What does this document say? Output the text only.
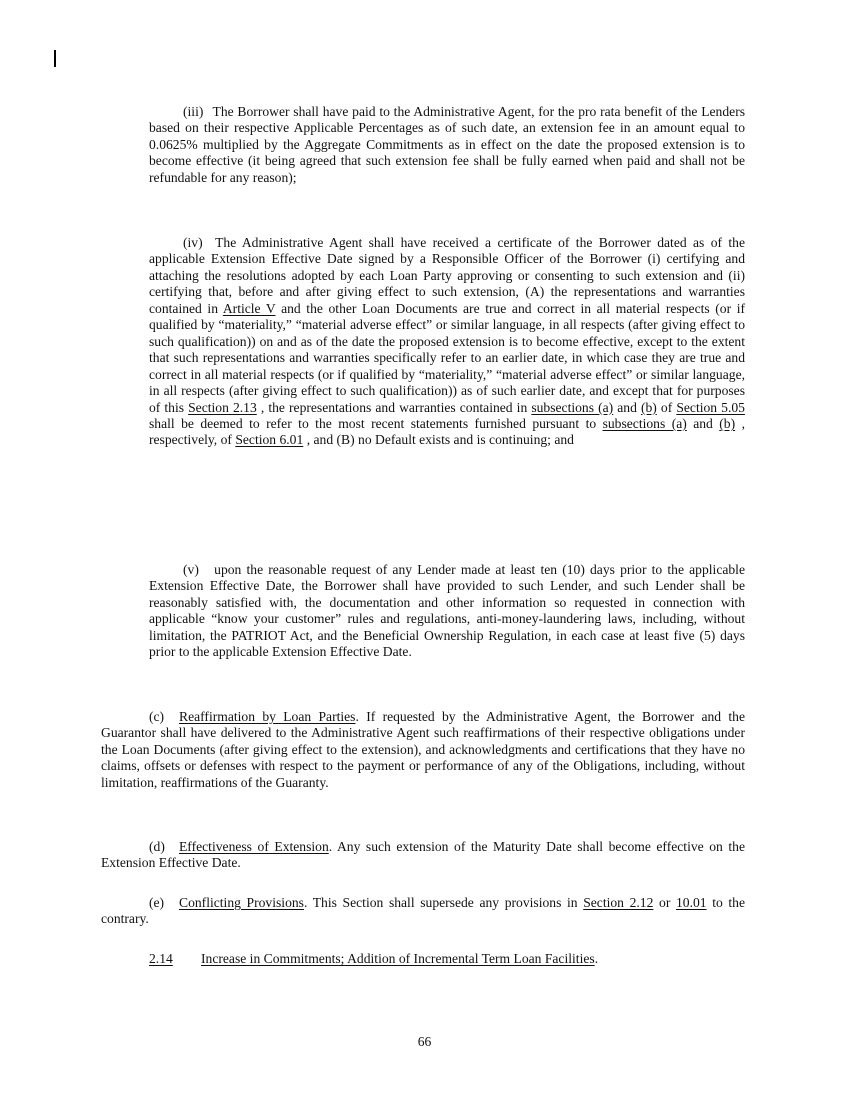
(iii) The Borrower shall have paid to the Administrative Agent, for the pro rata benefit of the Lenders based on their respective Applicable Percentages as of such date, an extension fee in an amount equal to 0.0625% multiplied by the Aggregate Commitments as in effect on the date the proposed extension is to become effective (it being agreed that such extension fee shall be fully earned when paid and shall not be refundable for any reason);

(iv) The Administrative Agent shall have received a certificate of the Borrower dated as of the applicable Extension Effective Date signed by a Responsible Officer of the Borrower (i) certifying and attaching the resolutions adopted by each Loan Party approving or consenting to such extension and (ii) certifying that, before and after giving effect to such extension, (A) the representations and warranties contained in Article V and the other Loan Documents are true and correct in all material respects (or if qualified by “materiality,” “material adverse effect” or similar language, in all respects (after giving effect to such qualification)) on and as of the date the proposed extension is to become effective, except to the extent that such representations and warranties specifically refer to an earlier date, in which case they are true and correct in all material respects (or if qualified by “materiality,” “material adverse effect” or similar language, in all respects (after giving effect to such qualification)) as of such earlier date, and except that for purposes of this Section 2.13 , the representations and warranties contained in subsections (a) and (b) of Section 5.05 shall be deemed to refer to the most recent statements furnished pursuant to subsections (a) and (b) , respectively, of Section 6.01 , and (B) no Default exists and is continuing; and

(v) upon the reasonable request of any Lender made at least ten (10) days prior to the applicable Extension Effective Date, the Borrower shall have provided to such Lender, and such Lender shall be reasonably satisfied with, the documentation and other information so requested in connection with applicable “know your customer” rules and regulations, anti-money-laundering laws, including, without limitation, the PATRIOT Act, and the Beneficial Ownership Regulation, in each case at least five (5) days prior to the applicable Extension Effective Date.

(c) Reaffirmation by Loan Parties. If requested by the Administrative Agent, the Borrower and the Guarantor shall have delivered to the Administrative Agent such reaffirmations of their respective obligations under the Loan Documents (after giving effect to the extension), and acknowledgments and certifications that they have no claims, offsets or defenses with respect to the payment or performance of any of the Obligations, including, without limitation, reaffirmations of the Guaranty.

(d) Effectiveness of Extension. Any such extension of the Maturity Date shall become effective on the Extension Effective Date.

(e) Conflicting Provisions. This Section shall supersede any provisions in Section 2.12 or 10.01 to the contrary.

2.14 Increase in Commitments; Addition of Incremental Term Loan Facilities.
66
